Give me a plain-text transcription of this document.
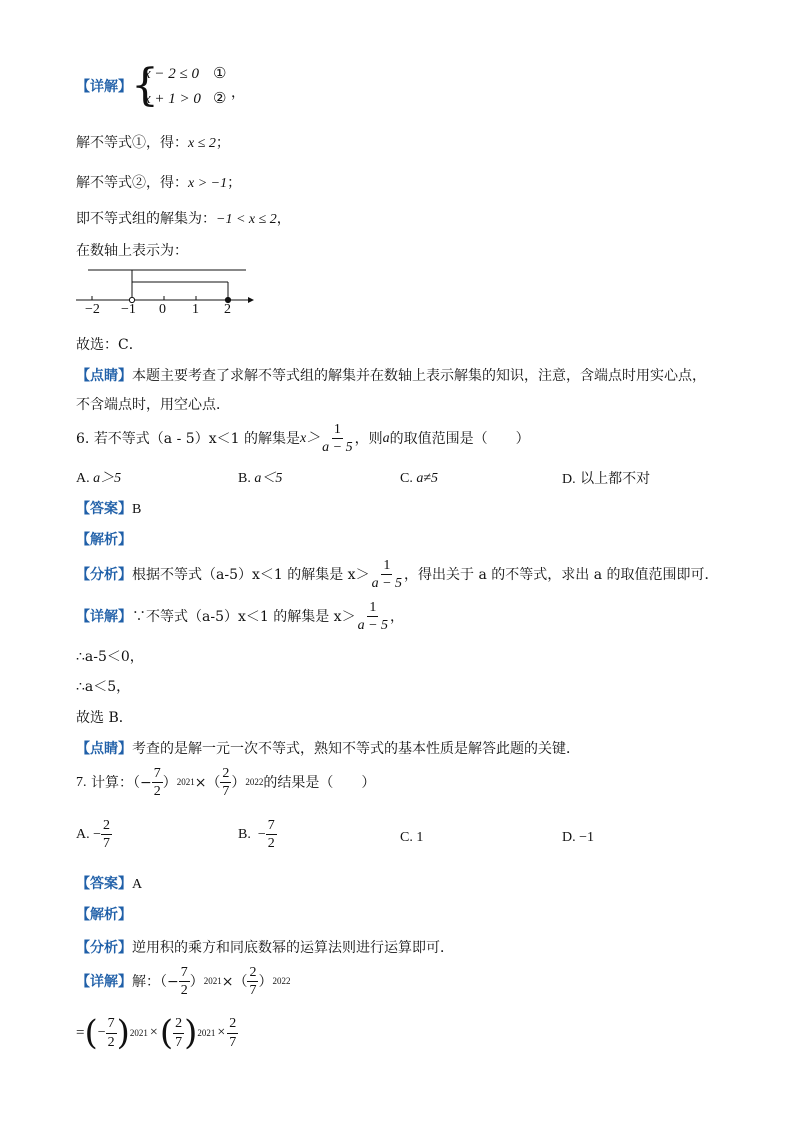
【详解】 {
x − 2 ≤ 0 ①
x + 1 > 0 ② ，
解不等式①，得：x ≤ 2；
解不等式②，得：x > −1；
即不等式组的解集为：−1 < x ≤ 2，
在数轴上表示为：
−2 −1 0 1 2
故选：C．
【点睛】本题主要考查了求解不等式组的解集并在数轴上表示解集的知识，注意，含端点时用实心点，
不含端点时，用空心点．
6.
若不等式（a - 5）x＜1 的解集是 $x> \frac{1}{a - 5}$ ，则 a 的取值范围是（　　）
A. a＞5	B. a＜5	C. a≠5	D. 以上都不对
【答案】B
【解析】
【分析】 根据不等式（a-5）x＜1 的解集是 $x> \frac{1}{a - 5}$ ，得出关于 a 的不等式，求出 a 的取值范围即可．
【详解】 ∵不等式（a-5）x＜1 的解集是 $x> \frac{1}{a - 5}$ ，
∴a-5＜0，
∴a＜5，
故选 B．
【点睛】考查的是解一元一次不等式，熟知不等式的基本性质是解答此题的关键．
7.
计算：（− $\frac{7}{2}$ ） 2021 ×（ $\frac{2}{7}$ ） 2022 的结果是（　　）
A.
− $\frac{2}{7}$	B.
− $\frac{7}{2}$	C. 1	D. −1
【答案】A
【解析】
【分析】逆用积的乘方和同底数幂的运算法则进行运算即可．
【详解】 解：（− $\frac{7}{2}$ ） 2021 ×（ $\frac{2}{7}$ ） 2022
= ( − $\frac{7}{2}$ ) 2021 × ( $\frac{2}{7}$ ) $2021 \times \frac{2}{7}$
